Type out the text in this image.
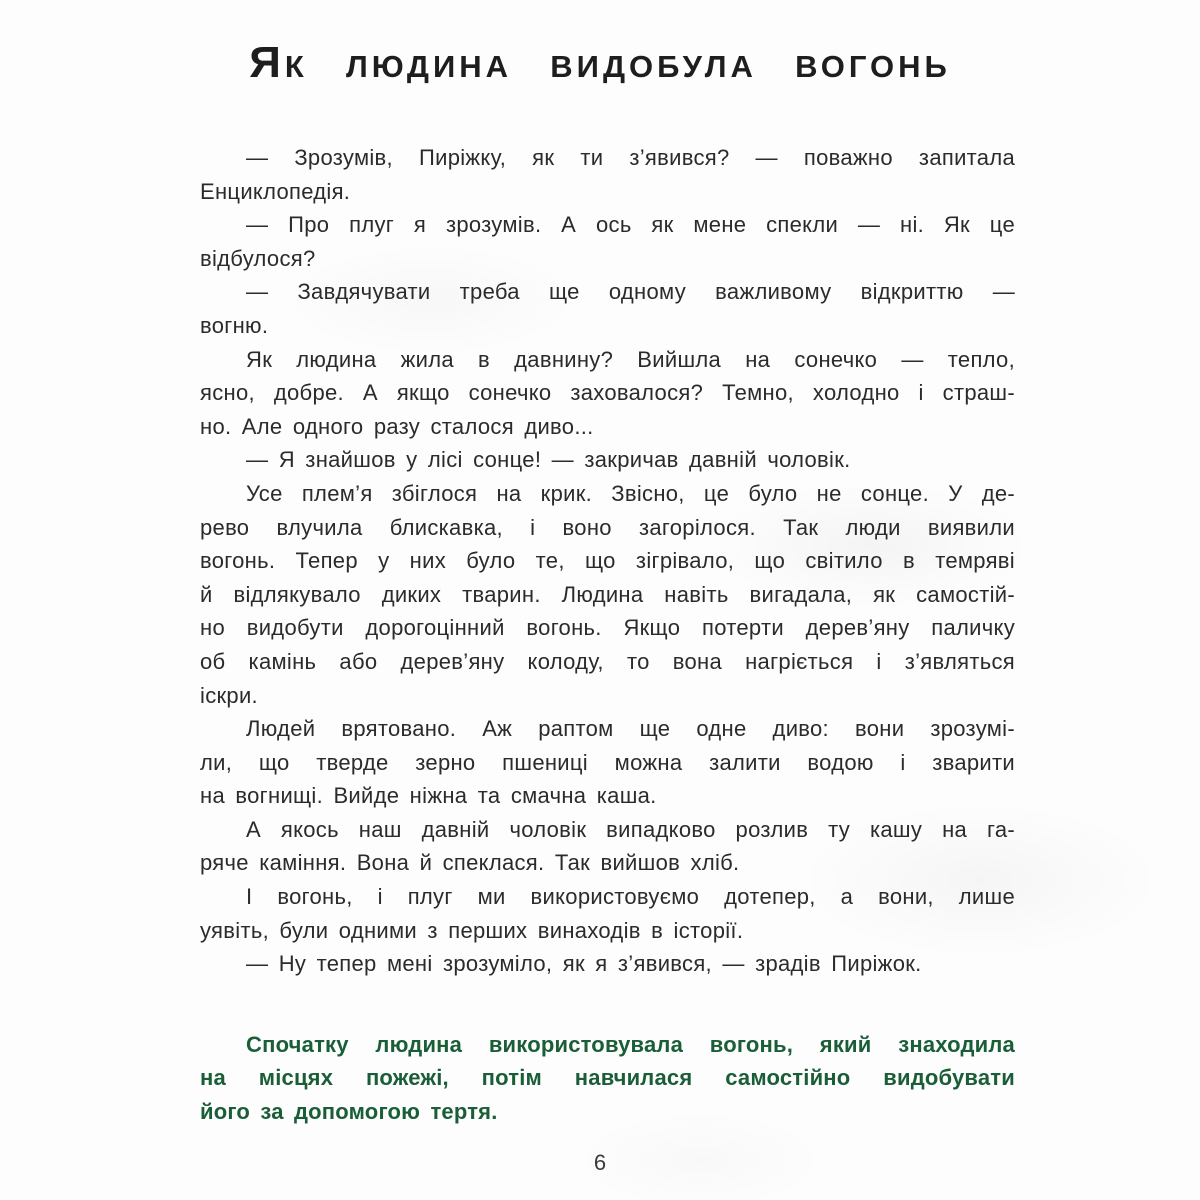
Як людина видобула вогонь
— Зрозумів, Пиріжку, як ти з’явився? — поважно запитала
Енциклопедія.
— Про плуг я зрозумів. А ось як мене спекли — ні. Як це
відбулося?
— Завдячувати треба ще одному важливому відкриттю —
вогню.
Як людина жила в давнину? Вийшла на сонечко — тепло,
ясно, добре. А якщо сонечко заховалося? Темно, холодно і страш-
но. Але одного разу сталося диво...
— Я знайшов у лісі сонце! — закричав давній чоловік.
Усе плем’я збіглося на крик. Звісно, це було не сонце. У де-
рево влучила блискавка, і воно загорілося. Так люди виявили
вогонь. Тепер у них було те, що зігрівало, що світило в темряві
й відлякувало диких тварин. Людина навіть вигадала, як самостій-
но видобути дорогоцінний вогонь. Якщо потерти дерев’яну паличку
об камінь або дерев’яну колоду, то вона нагріється і з’являться
іскри.
Людей врятовано. Аж раптом ще одне диво: вони зрозумі-
ли, що тверде зерно пшениці можна залити водою і зварити
на вогнищі. Вийде ніжна та смачна каша.
А якось наш давній чоловік випадково розлив ту кашу на га-
ряче каміння. Вона й спеклася. Так вийшов хліб.
І вогонь, і плуг ми використовуємо дотепер, а вони, лише
уявіть, були одними з перших винаходів в історії.
— Ну тепер мені зрозуміло, як я з’явився, — зрадів Пиріжок.
Спочатку людина використовувала вогонь, який знаходила
на місцях пожежі, потім навчилася самостійно видобувати
його за допомогою тертя.
6
